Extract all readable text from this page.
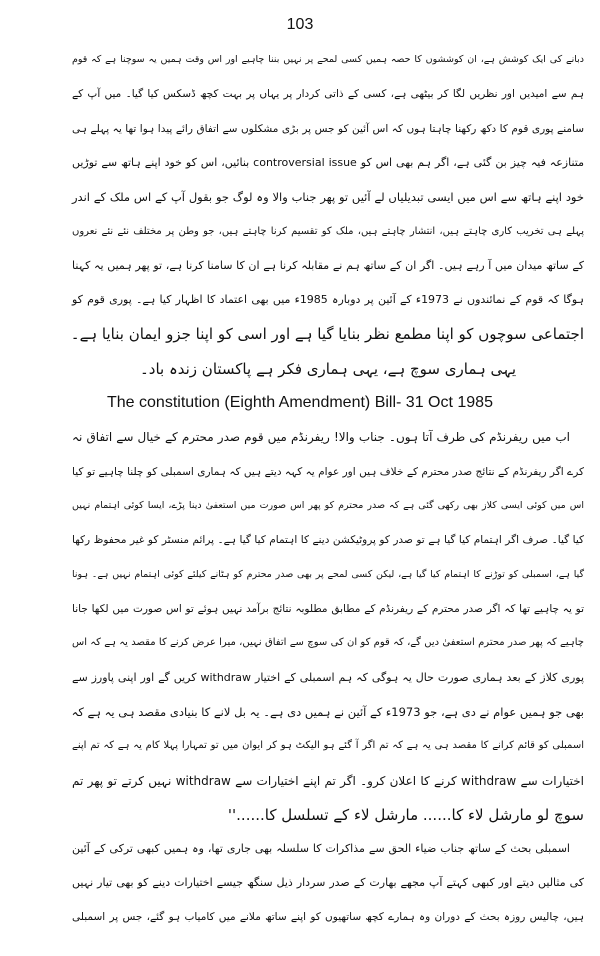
103
دبانے کی ایک کوشش ہے، ان کوششوں کا حصہ ہمیں کسی لمحے پر نہیں بننا چاہیے اور اس وقت ہمیں یہ سوچنا ہے کہ قوم
ہم سے امیدیں اور نظریں لگا کر بیٹھی ہے، کسی کے ذاتی کردار پر یہاں پر بہت کچھ ڈسکس کیا گیا۔ میں آپ کے
سامنے پوری قوم کا دکھ رکھنا چاہتا ہوں کہ اس آئین کو جس پر بڑی مشکلوں سے اتفاق رائے پیدا ہوا تھا یہ پہلے ہی
متنازعہ فیہ چیز بن گئی ہے، اگر ہم بھی اس کو controversial issue بنائیں، اس کو خود اپنے ہاتھ سے توڑیں
خود اپنے ہاتھ سے اس میں ایسی تبدیلیاں لے آئیں تو پھر جناب والا وہ لوگ جو بقول آپ کے اس ملک کے اندر
پہلے ہی تخریب کاری چاہتے ہیں، انتشار چاہتے ہیں، ملک کو تقسیم کرنا چاہتے ہیں، جو وطن پر مختلف نئے نئے نعروں
کے ساتھ میدان میں آ رہے ہیں۔ اگر ان کے ساتھ ہم نے مقابلہ کرنا ہے ان کا سامنا کرنا ہے، تو پھر ہمیں یہ کہنا
ہوگا کہ قوم کے نمائندوں نے 1973ء کے آئین پر دوبارہ 1985ء میں بھی اعتماد کا اظہار کیا ہے۔ پوری قوم کو
اجتماعی سوچوں کو اپنا مطمع نظر بنایا گیا ہے اور اسی کو اپنا جزو ایمان بنایا ہے۔
یہی ہماری سوچ ہے، یہی ہماری فکر ہے پاکستان زندہ باد۔
The constitution (Eighth Amendment) Bill- 31 Oct 1985
اب میں ریفرنڈم کی طرف آتا ہوں۔ جناب والا! ریفرنڈم میں قوم صدر محترم کے خیال سے اتفاق نہ
کرے اگر ریفرنڈم کے نتائج صدر محترم کے خلاف ہیں اور عوام یہ کہہ دیتے ہیں کہ ہماری اسمبلی کو چلنا چاہیے تو کیا
اس میں کوئی ایسی کلاز بھی رکھی گئی ہے کہ صدر محترم کو پھر اس صورت میں استعفیٰ دینا پڑے، ایسا کوئی اہتمام نہیں
کیا گیا۔ صرف اگر اہتمام کیا گیا ہے تو صدر کو پروٹیکشن دینے کا اہتمام کیا گیا ہے۔ پرائم منسٹر کو غیر محفوظ رکھا
گیا ہے، اسمبلی کو توڑنے کا اہتمام کیا گیا ہے، لیکن کسی لمحے پر بھی صدر محترم کو ہٹانے کیلئے کوئی اہتمام نہیں ہے۔ ہونا
تو یہ چاہیے تھا کہ اگر صدر محترم کے ریفرنڈم کے مطابق مطلوبہ نتائج برآمد نہیں ہوئے تو اس صورت میں لکھا جانا
چاہیے کہ پھر صدر محترم استعفیٰ دیں گے، کہ قوم کو ان کی سوچ سے اتفاق نہیں، میرا عرض کرنے کا مقصد یہ ہے کہ اس
پوری کلاز کے بعد ہماری صورت حال یہ ہوگی کہ ہم اسمبلی کے اختیار withdraw کریں گے اور اپنی پاورز سے
بھی جو ہمیں عوام نے دی ہے، جو 1973ء کے آئین نے ہمیں دی ہے۔ یہ بل لانے کا بنیادی مقصد ہی یہ ہے کہ
اسمبلی کو قائم کرانے کا مقصد ہی یہ ہے کہ تم اگر آ گئے ہو الیکٹ ہو کر ایوان میں تو تمہارا پہلا کام یہ ہے کہ تم اپنے
اختیارات سے withdraw کرنے کا اعلان کرو۔ اگر تم اپنے اختیارات سے withdraw نہیں کرتے تو پھر تم
سوچ لو مارشل لاء کا...... مارشل لاء کے تسلسل کا......''
اسمبلی بحث کے ساتھ جناب ضیاء الحق سے مذاکرات کا سلسلہ بھی جاری تھا، وہ ہمیں کبھی ترکی کے آئین
کی مثالیں دیتے اور کبھی کہتے آپ مجھے بھارت کے صدر سردار ذیل سنگھ جیسے اختیارات دینے کو بھی تیار نہیں
ہیں، چالیس روزہ بحث کے دوران وہ ہمارے کچھ ساتھیوں کو اپنے ساتھ ملانے میں کامیاب ہو گئے، جس پر اسمبلی
